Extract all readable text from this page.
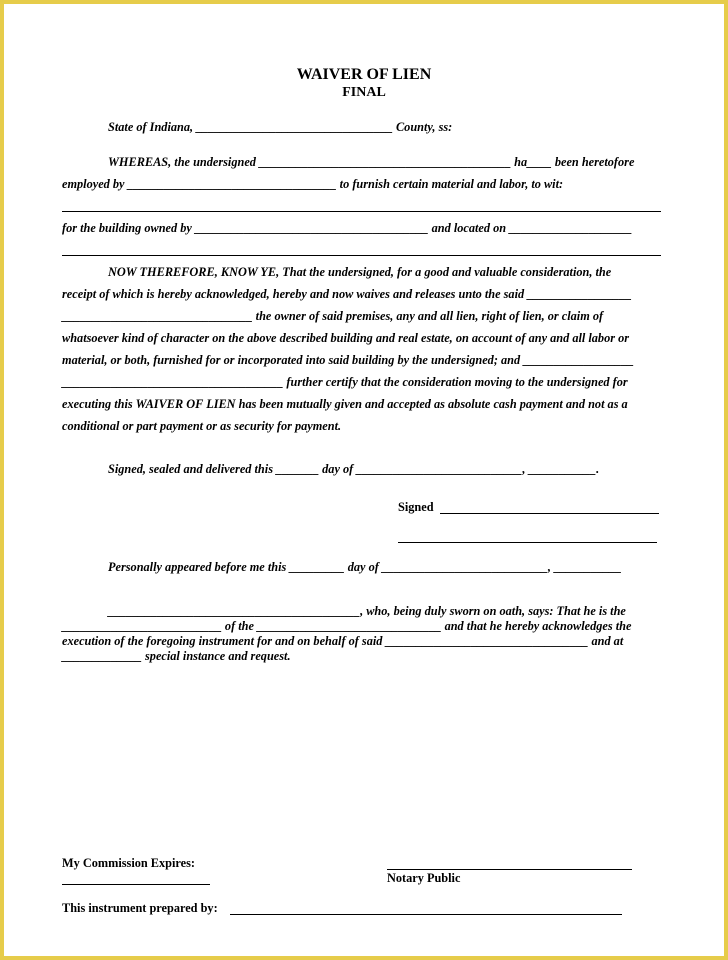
WAIVER OF LIEN
FINAL
State of Indiana, ________________________________ County, ss:
WHEREAS, the undersigned _________________________________________ ha____ been heretofore
employed by __________________________________ to furnish certain material and labor, to wit:
for the building owned by ______________________________________ and located on ____________________
NOW THEREFORE, KNOW YE, That the undersigned, for a good and valuable consideration, the
receipt of which is hereby acknowledged, hereby and now waives and releases unto the said _________________
_______________________________ the owner of said premises, any and all lien, right of lien, or claim of
whatsoever kind of character on the above described building and real estate, on account of any and all labor or
material, or both, furnished for or incorporated into said building by the undersigned; and __________________
____________________________________ further certify that the consideration moving to the undersigned for
executing this WAIVER OF LIEN has been mutually given and accepted as absolute cash payment and not as a
conditional or part payment or as security for payment.
Signed, sealed and delivered this _______ day of ___________________________, ___________.
Signed
Personally appeared before me this _________ day of ___________________________, ___________
_________________________________________, who, being duly sworn on oath, says: That he is the
__________________________ of the ______________________________ and that he hereby acknowledges the
execution of the foregoing instrument for and on behalf of said _________________________________ and at
_____________ special instance and request.
My Commission Expires:
Notary Public
This instrument prepared by:
